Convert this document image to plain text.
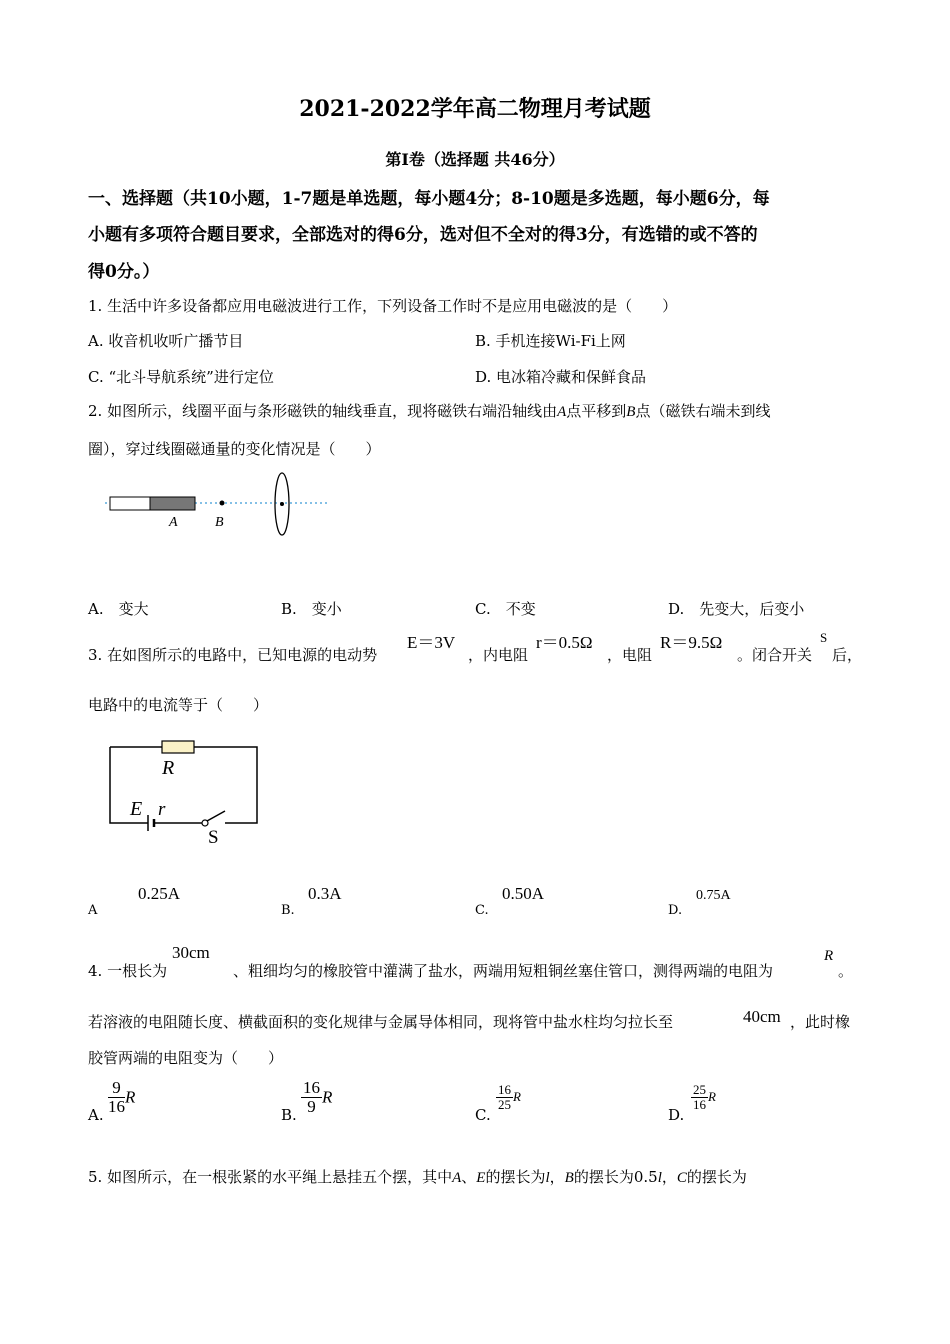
2021-2022学年高二物理月考试题
第Ⅰ卷（选择题 共46分）
一、选择题（共10小题，1-7题是单选题，每小题4分；8-10题是多选题，每小题6分，每
小题有多项符合题目要求，全部选对的得6分，选对但不全对的得3分，有选错的或不答的
得0分。）
1. 生活中许多设备都应用电磁波进行工作，下列设备工作时不是应用电磁波的是（　　）
A. 收音机收听广播节目	B. 手机连接Wi-Fi上网
C. “北斗导航系统”进行定位	D. 电冰箱冷藏和保鲜食品
2. 如图所示，线圈平面与条形磁铁的轴线垂直，现将磁铁右端沿轴线由A点平移到B点（磁铁右端未到线
圈），穿过线圈磁通量的变化情况是（　　）
A	B
A.　变大	B.　变小	C.　不变	D.　先变大，后变小
3. 在如图所示的电路中，已知电源的电动势
E＝3V
，内电阻
r＝0.5Ω
，电阻
R＝9.5Ω
。闭合开关
S
后，
电路中的电流等于（　　）
R
E r
S
A
0.25A
B.
0.3A
C.
0.50A
D.
0.75A
4. 一根长为
30cm
、粗细均匀的橡胶管中灌满了盐水，两端用短粗铜丝塞住管口，测得两端的电阻为
R
。
若溶液的电阻随长度、横截面积的变化规律与金属导体相同，现将管中盐水柱均匀拉长至	40cm ，此时橡
胶管两端的电阻变为（　　）
A. $\frac{9}{16}$ R
B. $\frac{16}{9}$ R
C.
$\frac{16}{25}$ R
D.
$\frac{25}{16}$ R
5. 如图所示，在一根张紧的水平绳上悬挂五个摆，其中A、E的摆长为l，B的摆长为0.5l，C的摆长为
